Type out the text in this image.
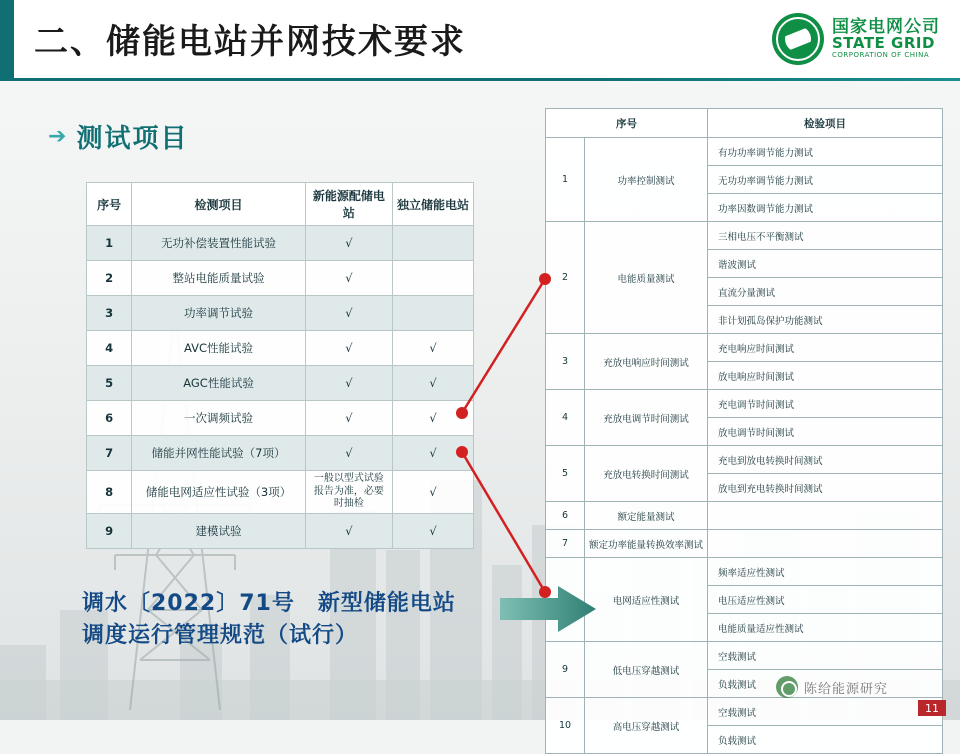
二、储能电站并网技术要求	国家电网公司
STATE GRID
CORPORATION OF CHINA
➔ 测试项目
序号	检测项目	新能源配储电站	独立储能电站
1	无功补偿装置性能试验	√	
2	整站电能质量试验	√	
3	功率调节试验	√	
4	AVC性能试验	√	√
5	AGC性能试验	√	√
6	一次调频试验	√	√
7	储能并网性能试验（7项）	√	√
8	储能电网适应性试验（3项）	一般以型式试验报告为准，必要时抽检	√
9	建模试验	√	√
序号		检验项目
1	功率控制测试	有功功率调节能力测试
		无功功率调节能力测试
		功率因数调节能力测试
2	电能质量测试	三相电压不平衡测试
		谐波测试
		直流分量测试
		非计划孤岛保护功能测试
3	充放电响应时间测试	充电响应时间测试
		放电响应时间测试
4	充放电调节时间测试	充电调节时间测试
		放电调节时间测试
5	充放电转换时间测试	充电到放电转换时间测试
		放电到充电转换时间测试
6	额定能量测试	
7	额定功率能量转换效率测试	
	电网适应性测试	频率适应性测试
		电压适应性测试
		电能质量适应性测试
9	低电压穿越测试	空载测试
		负载测试
10	高电压穿越测试	空载测试
		负载测试
调水〔2022〕71号　新型储能电站
调度运行管理规范（试行）
陈给能源研究
11
